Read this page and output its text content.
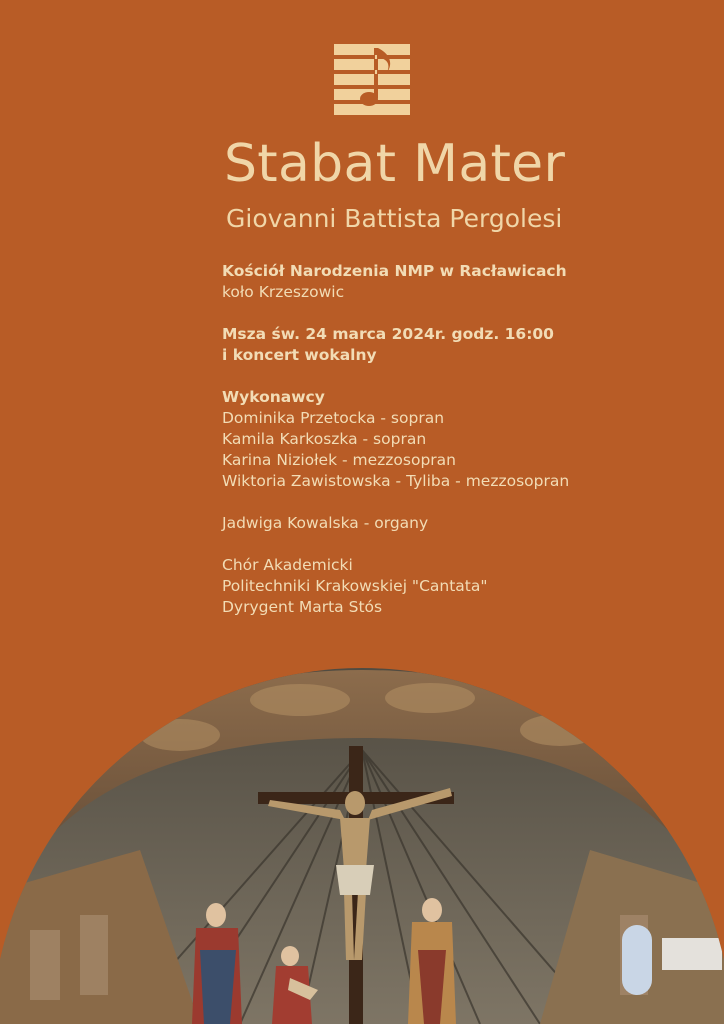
Stabat Mater
Giovanni Battista Pergolesi
Kościół Narodzenia NMP w Racławicach
koło Krzeszowic
Msza św. 24 marca 2024r. godz. 16:00
i koncert wokalny
Wykonawcy
Dominika Przetocka - sopran
Kamila Karkoszka - sopran
Karina Niziołek - mezzosopran
Wiktoria Zawistowska - Tyliba - mezzosopran
Jadwiga Kowalska - organy
Chór Akademicki
Politechniki Krakowskiej "Cantata"
Dyrygent Marta Stós
